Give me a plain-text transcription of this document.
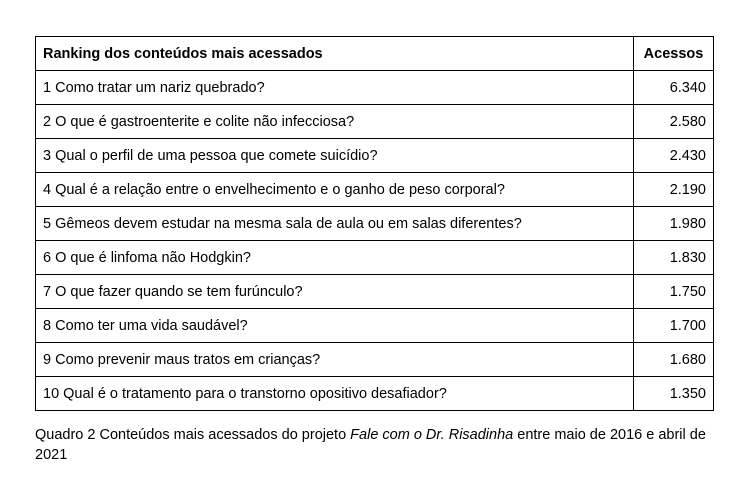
Ranking dos conteúdos mais acessados	Acessos
1 Como tratar um nariz quebrado?	6.340
2 O que é gastroenterite e colite não infecciosa?	2.580
3 Qual o perfil de uma pessoa que comete suicídio?	2.430
4 Qual é a relação entre o envelhecimento e o ganho de peso corporal?	2.190
5 Gêmeos devem estudar na mesma sala de aula ou em salas diferentes?	1.980
6 O que é linfoma não Hodgkin?	1.830
7 O que fazer quando se tem furúnculo?	1.750
8 Como ter uma vida saudável?	1.700
9 Como prevenir maus tratos em crianças?	1.680
10 Qual é o tratamento para o transtorno opositivo desafiador?	1.350
Quadro 2 Conteúdos mais acessados do projeto Fale com o Dr. Risadinha entre maio de 2016 e abril de 2021
